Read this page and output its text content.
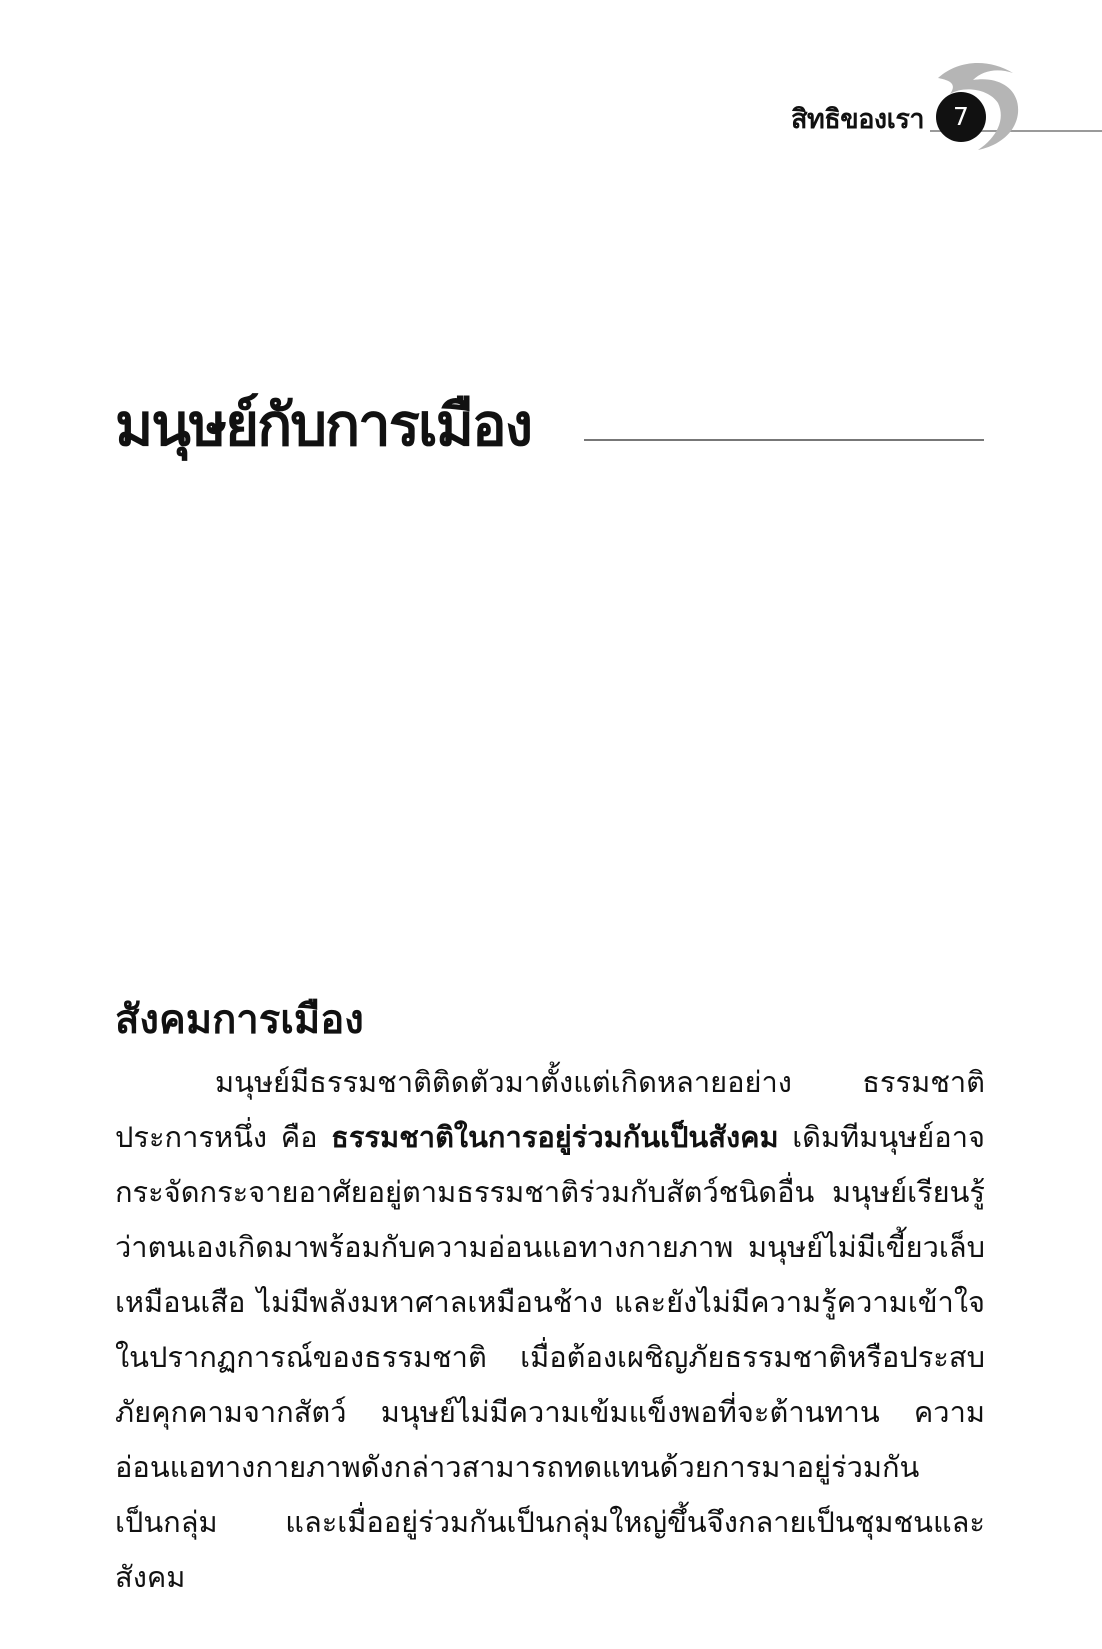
สิทธิของเรา	7
มนุษย์กับการเมือง
สังคมการเมือง

มนุษย์มีธรรมชาติติดตัวมาตั้งแต่เกิดหลายอย่าง ธรรมชาติประการหนึ่ง คือ ธรรมชาติในการอยู่ร่วมกันเป็นสังคม เดิมทีมนุษย์อาจกระจัดกระจายอาศัยอยู่ตามธรรมชาติร่วมกับสัตว์ชนิดอื่น มนุษย์เรียนรู้ว่าตนเองเกิดมาพร้อมกับความอ่อนแอทางกายภาพ มนุษย์ไม่มีเขี้ยวเล็บเหมือนเสือ ไม่มีพลังมหาศาลเหมือนช้าง และยังไม่มีความรู้ความเข้าใจในปรากฏการณ์ของธรรมชาติ เมื่อต้องเผชิญภัยธรรมชาติหรือประสบภัยคุกคามจากสัตว์ มนุษย์ไม่มีความเข้มแข็งพอที่จะต้านทาน ความอ่อนแอทางกายภาพดังกล่าวสามารถทดแทนด้วยการมาอยู่ร่วมกันเป็นกลุ่ม และเมื่ออยู่ร่วมกันเป็นกลุ่มใหญ่ขึ้นจึงกลายเป็นชุมชนและสังคม
